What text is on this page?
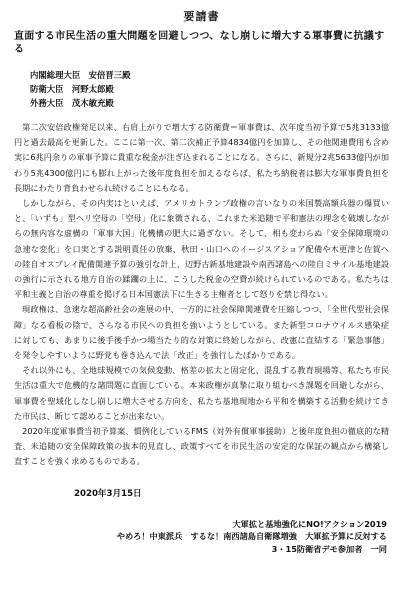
要請書
直面する市民生活の重大問題を回避しつつ、なし崩しに増大する軍事費に抗議する
内閣総理大臣　安倍晋三殿
防衛大臣　河野太郎殿
外務大臣　茂木敏充殿

第二次安倍政権発足以来、右肩上がりで増大する防衛費＝軍事費は、次年度当初予算で5兆3133億円と過去最高を更新した。ここに第一次、第二次補正予算4834億円を加算し、その他関連費用も含め実に6兆円余りの軍事予算に貴重な税金が注ぎ込まれることになる。さらに、新規分2兆5633億円が加わり5兆4300億円にも膨れ上がった後年度負担を加えるならば、私たち納税者は膨大な軍事費負担を長期にわたり背負わせられ続けることにもなる。

しかしながら、その内実はといえば、アメリカトランプ政権の言いなりの米国製高額兵器の爆買いと、「いずも」型ヘリ空母の「空母」化に象徴される、これまた米追随で平和憲法の理念を破壊しながらの無内容な虚構の「軍事大国」化機構の肥大に過ぎない。そして、相も変わらぬ「安全保障環境の急速な変化」を口実とする説明責任の放棄、秋田・山口へのイージスアショア配備や木更津と佐賀への陸自オスプレイ配備関連予算の強引な計上、辺野古新基地建設や南西諸島への陸自ミサイル基地建設の強行に示される地方自治の蹂躙の上に、こうした税金の空費が続けられているのである。私たちは平和主義と自治の尊重を掲げる日本国憲法下に生きる主権者として怒りを禁じ得ない。

現政権は、急速な超高齢社会の進展の中、一方的に社会保障関連費を圧縮しつつ、「全世代型社会保障」なる看板の陰で、さらなる市民への負担を強いようとしている。また新型コロナウイルス感染症に対しても、あまりに後手後手かつ場当たり的な対策に終始しながら、改憲に直結する「緊急事態」を発令しやすいように野党も巻き込んで法「改正」を強行したばかりである。

それ以外にも、全地球規模での気候変動、格差の拡大と固定化、混乱する教育現場等、私たち市民生活は重大で危機的な諸問題に直面している。本来政権が真摯に取り組むべき課題を回避しながら、軍事費を聖域化しなし崩しに増大させる方向を、私たち基地現地から平和を構築する活動を続けてきた市民は、断じて認めることが出来ない。

2020年度軍事費当初予算案、慣例化しているFMS（対外有償軍事援助）と後年度負担の徹底的な精査、米追随の安全保障政策の抜本的見直し、政策すべてを市民生活の安定的な保証の観点から構築し直すことを強く求めるものである。

2020年3月15日
大軍拡と基地強化にNO!アクション2019
やめろ！中東派兵　するな！南西諸島自衛隊増強　大軍拡予算に反対する
3・15防衛省デモ参加者　一同
